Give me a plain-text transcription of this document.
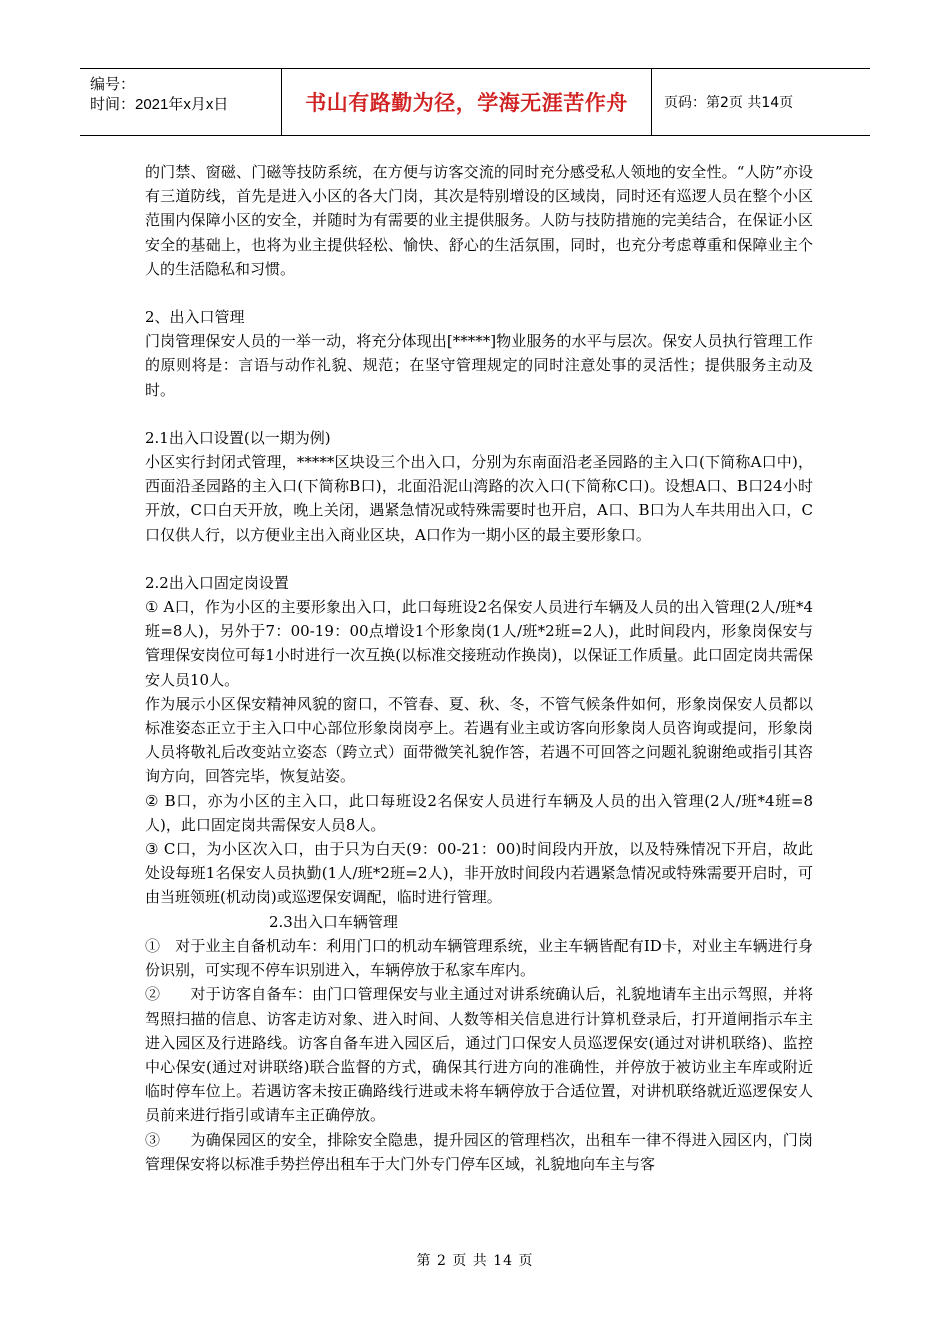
编号：
时间：2021年x月x日	书山有路勤为径，学海无涯苦作舟	页码：第2页 共14页

的门禁、窗磁、门磁等技防系统，在方便与访客交流的同时充分感受私人领地的安全性。“人防”亦设有三道防线，首先是进入小区的各大门岗，其次是特别增设的区域岗，同时还有巡逻人员在整个小区范围内保障小区的安全，并随时为有需要的业主提供服务。人防与技防措施的完美结合，在保证小区安全的基础上，也将为业主提供轻松、愉快、舒心的生活氛围，同时，也充分考虑尊重和保障业主个人的生活隐私和习惯。

2、出入口管理

门岗管理保安人员的一举一动，将充分体现出[*****]物业服务的水平与层次。保安人员执行管理工作的原则将是：言语与动作礼貌、规范；在坚守管理规定的同时注意处事的灵活性；提供服务主动及时。

2.1出入口设置(以一期为例)

小区实行封闭式管理，*****区块设三个出入口，分别为东南面沿老圣园路的主入口(下简称A口中)，西面沿圣园路的主入口(下简称B口)，北面沿泥山湾路的次入口(下简称C口)。设想A口、B口24小时开放，C口白天开放，晚上关闭，遇紧急情况或特殊需要时也开启，A口、B口为人车共用出入口，C口仅供人行，以方便业主出入商业区块，A口作为一期小区的最主要形象口。

2.2出入口固定岗设置

① A口，作为小区的主要形象出入口，此口每班设2名保安人员进行车辆及人员的出入管理(2人/班*4班=8人)，另外于7：00-19：00点增设1个形象岗(1人/班*2班=2人)，此时间段内，形象岗保安与管理保安岗位可每1小时进行一次互换(以标准交接班动作换岗)，以保证工作质量。此口固定岗共需保安人员10人。

作为展示小区保安精神风貌的窗口，不管春、夏、秋、冬，不管气候条件如何，形象岗保安人员都以标准姿态正立于主入口中心部位形象岗岗亭上。若遇有业主或访客向形象岗人员咨询或提问，形象岗人员将敬礼后改变站立姿态（跨立式）面带微笑礼貌作答，若遇不可回答之问题礼貌谢绝或指引其咨询方向，回答完毕，恢复站姿。

② B口，亦为小区的主入口，此口每班设2名保安人员进行车辆及人员的出入管理(2人/班*4班=8人)，此口固定岗共需保安人员8人。

③ C口，为小区次入口，由于只为白天(9：00-21：00)时间段内开放，以及特殊情况下开启，故此处设每班1名保安人员执勤(1人/班*2班=2人)，非开放时间段内若遇紧急情况或特殊需要开启时，可由当班领班(机动岗)或巡逻保安调配，临时进行管理。

2.3出入口车辆管理

①　对于业主自备机动车：利用门口的机动车辆管理系统，业主车辆皆配有ID卡，对业主车辆进行身份识别，可实现不停车识别进入，车辆停放于私家车库内。

②　　对于访客自备车：由门口管理保安与业主通过对讲系统确认后，礼貌地请车主出示驾照，并将驾照扫描的信息、访客走访对象、进入时间、人数等相关信息进行计算机登录后，打开道闸指示车主进入园区及行进路线。访客自备车进入园区后，通过门口保安人员巡逻保安(通过对讲机联络)、监控中心保安(通过对讲联络)联合监督的方式，确保其行进方向的准确性，并停放于被访业主车库或附近临时停车位上。若遇访客未按正确路线行进或未将车辆停放于合适位置，对讲机联络就近巡逻保安人员前来进行指引或请车主正确停放。

③　　为确保园区的安全，排除安全隐患，提升园区的管理档次，出租车一律不得进入园区内，门岗管理保安将以标准手势拦停出租车于大门外专门停车区域，礼貌地向车主与客

第 2 页 共 14 页
